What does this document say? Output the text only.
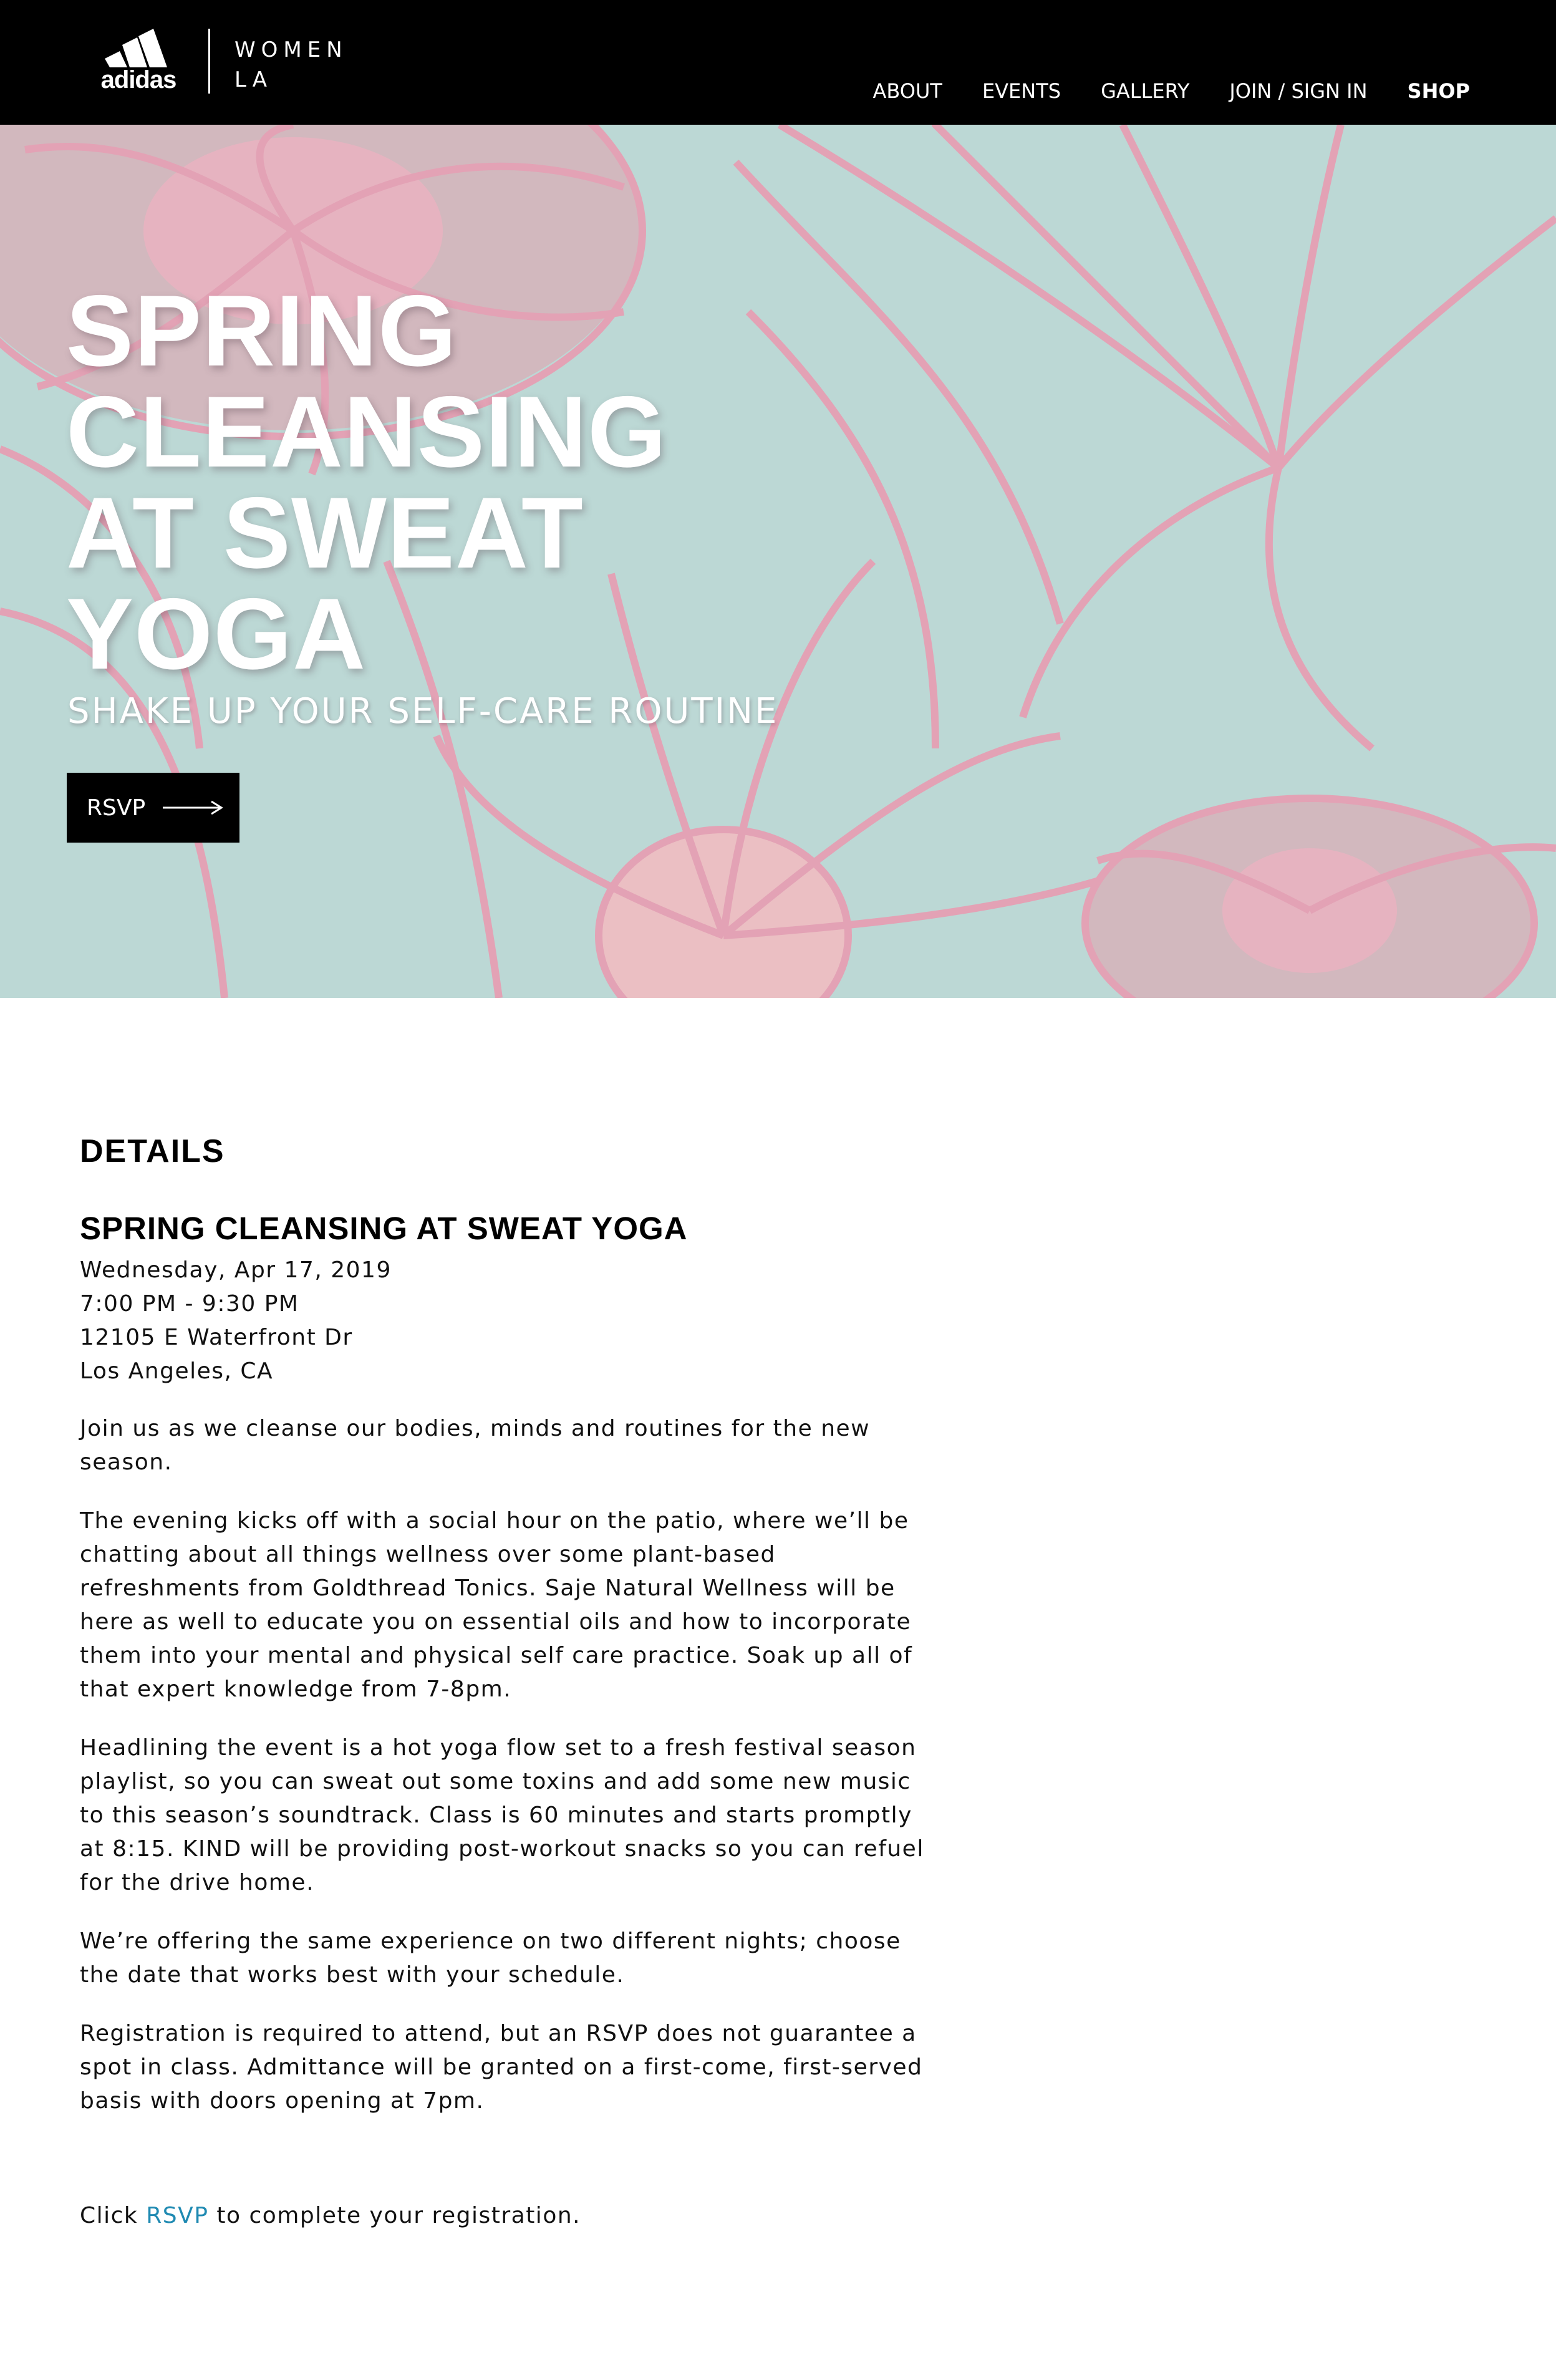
adidas
WOMEN
LA	ABOUT EVENTS GALLERY JOIN / SIGN IN SHOP
SPRING
CLEANSING
AT SWEAT
YOGA
SHAKE UP YOUR SELF-CARE ROUTINE
RSVP
DETAILS
SPRING CLEANSING AT SWEAT YOGA
Wednesday, Apr 17, 2019
7:00 PM - 9:30 PM
12105 E Waterfront Dr
Los Angeles, CA

Join us as we cleanse our bodies, minds and routines for the new season.

The evening kicks off with a social hour on the patio, where we’ll be chatting about all things wellness over some plant-based refreshments from Goldthread Tonics. Saje Natural Wellness will be here as well to educate you on essential oils and how to incorporate them into your mental and physical self care practice. Soak up all of that expert knowledge from 7-8pm.

Headlining the event is a hot yoga flow set to a fresh festival season playlist, so you can sweat out some toxins and add some new music to this season’s soundtrack. Class is 60 minutes and starts promptly at 8:15. KIND will be providing post-workout snacks so you can refuel for the drive home.

We’re offering the same experience on two different nights; choose the date that works best with your schedule.

Registration is required to attend, but an RSVP does not guarantee a spot in class. Admittance will be granted on a first-come, first-served basis with doors opening at 7pm.

Click RSVP to complete your registration.
